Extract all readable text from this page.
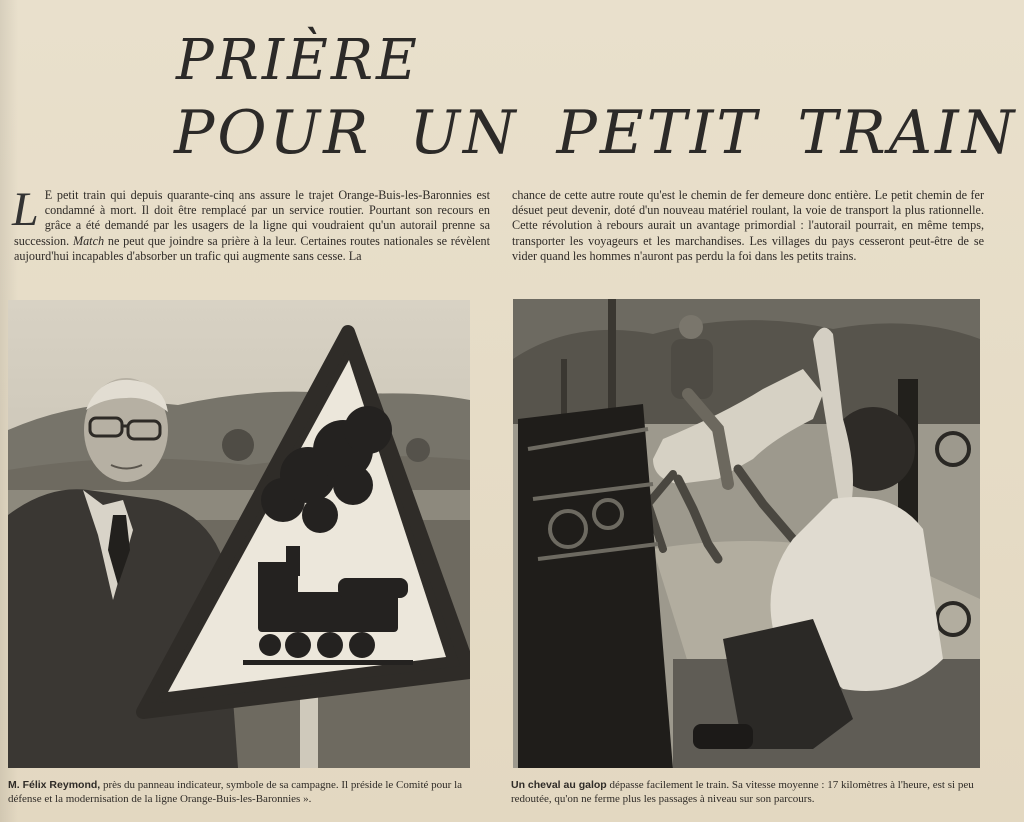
PRIÈRE
POUR UN PETIT TRAIN
L E petit train qui depuis quarante-cinq ans assure le trajet Orange-Buis-les-Baronnies est condamné à mort. Il doit être remplacé par un service routier. Pourtant son recours en grâce a été demandé par les usagers de la ligne qui voudraient qu'un autorail prenne sa succession. Match ne peut que joindre sa prière à la leur. Certaines routes nationales se révèlent aujourd'hui incapables d'absorber un trafic qui augmente sans cesse. La
chance de cette autre route qu'est le chemin de fer demeure donc entière. Le petit chemin de fer désuet peut devenir, doté d'un nouveau matériel roulant, la voie de transport la plus rationnelle. Cette révolution à rebours aurait un avantage primordial : l'autorail pourrait, en même temps, transporter les voyageurs et les marchandises. Les villages du pays cesseront peut-être de se vider quand les hommes n'auront pas perdu la foi dans les petits trains.
M. Félix Reymond, près du panneau indicateur, symbole de sa campagne. Il préside le Comité pour la défense et la modernisation de la ligne Orange-Buis-les-Baronnies ».
Un cheval au galop dépasse facilement le train. Sa vitesse moyenne : 17 kilomètres à l'heure, est si peu redoutée, qu'on ne ferme plus les passages à niveau sur son parcours.
